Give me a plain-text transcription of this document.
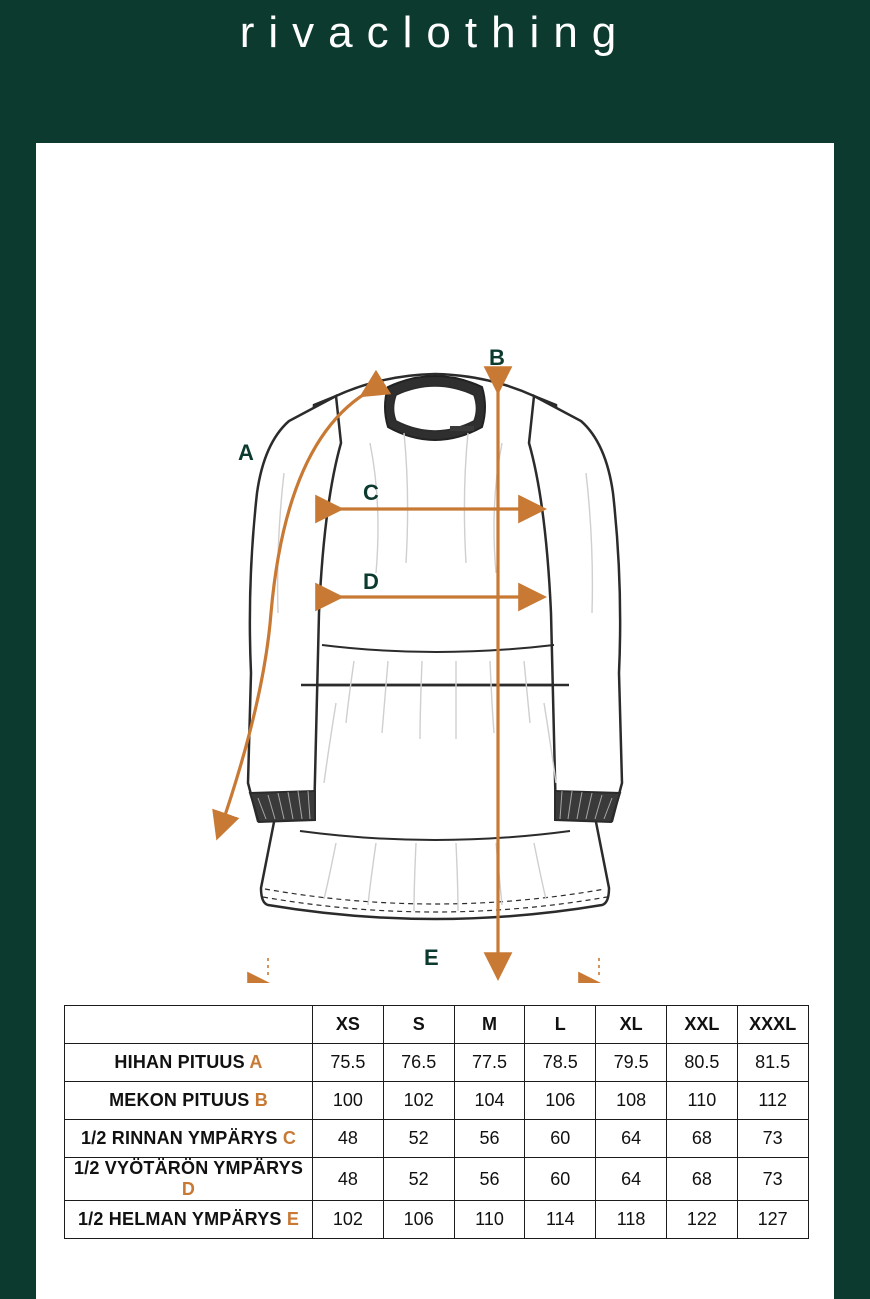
rivaclothing
A
B
C
D
E
	XS	S	M	L	XL	XXL	XXXL
HIHAN PITUUS A	75.5	76.5	77.5	78.5	79.5	80.5	81.5
MEKON PITUUS B	100	102	104	106	108	110	112
1/2 RINNAN YMPÄRYS C	48	52	56	60	64	68	73
1/2 VYÖTÄRÖN YMPÄRYS D	48	52	56	60	64	68	73
1/2 HELMAN YMPÄRYS E	102	106	110	114	118	122	127
